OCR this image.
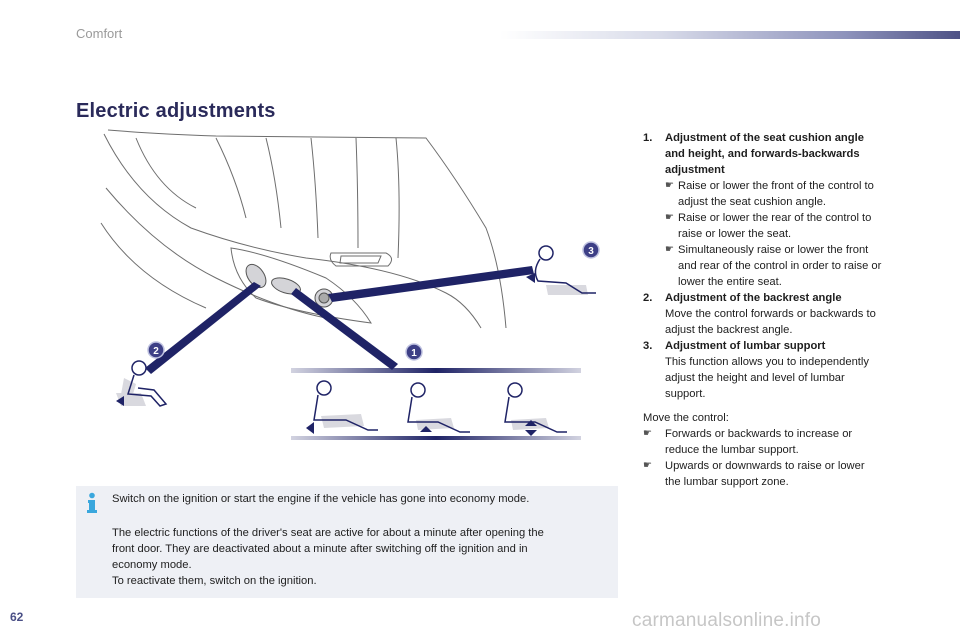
Comfort
Electric adjustments
1
2
3
1.	Adjustment of the seat cushion angle
and height, and forwards-backwards
adjustment
☛ Raise or lower the front of the control to
adjust the seat cushion angle.
☛ Raise or lower the rear of the control to
raise or lower the seat.
☛ Simultaneously raise or lower the front
and rear of the control in order to raise or
lower the entire seat.
2.	Adjustment of the backrest angle
Move the control forwards or backwards to
adjust the backrest angle.
3.	Adjustment of lumbar support
This function allows you to independently
adjust the height and level of lumbar
support.
Move the control:
☛	Forwards or backwards to increase or
reduce the lumbar support.
☛	Upwards or downwards to raise or lower
the lumbar support zone.
Switch on the ignition or start the engine if the vehicle has gone into economy mode.
The electric functions of the driver's seat are active for about a minute after opening the
front door. They are deactivated about a minute after switching off the ignition and in
economy mode.
To reactivate them, switch on the ignition.
62	carmanualsonline.info
